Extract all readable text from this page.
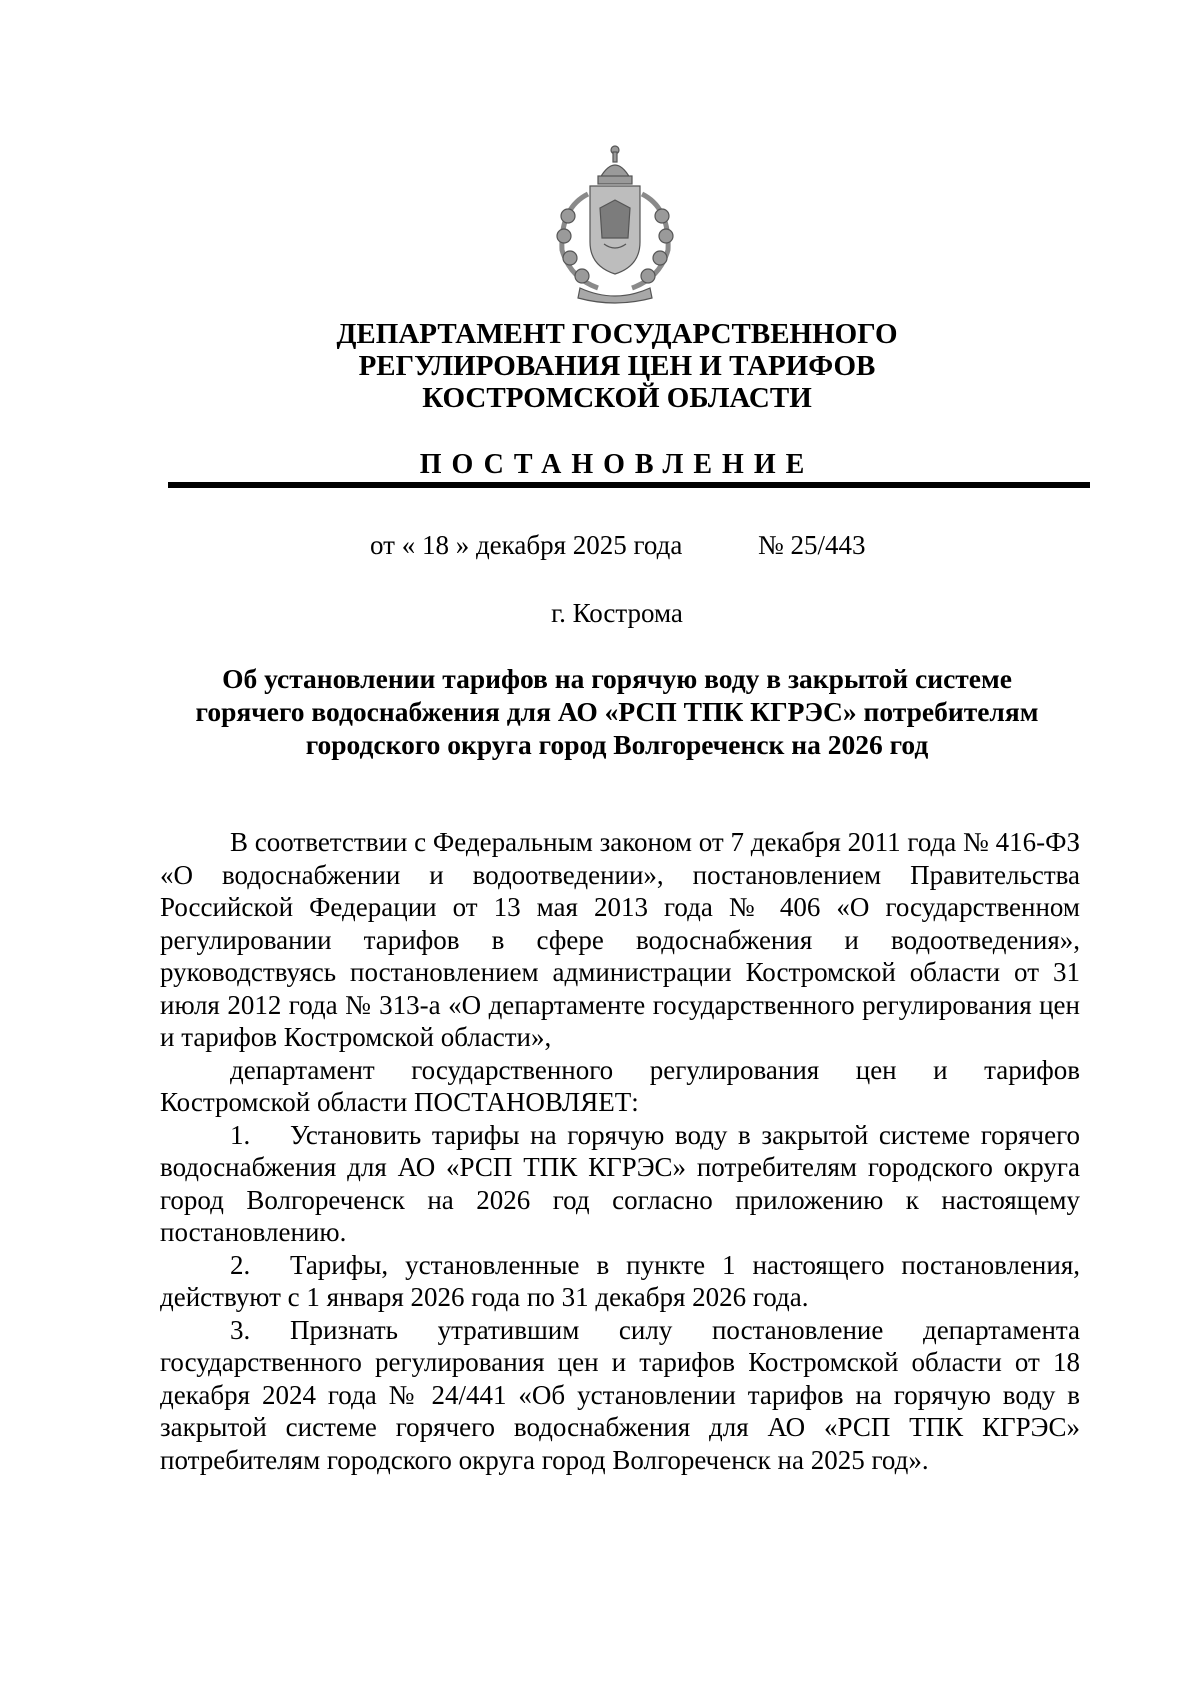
ДЕПАРТАМЕНТ ГОСУДАРСТВЕННОГО
РЕГУЛИРОВАНИЯ ЦЕН И ТАРИФОВ
КОСТРОМСКОЙ ОБЛАСТИ
ПОСТАНОВЛЕНИЕ
от « 18 » декабря 2025 года	№ 25/443
г. Кострома
Об установлении тарифов на горячую воду в закрытой системе
горячего водоснабжения для АО «РСП ТПК КГРЭС» потребителям
городского округа город Волгореченск на 2026 год

В соответствии с Федеральным законом от 7 декабря 2011 года № 416-ФЗ «О водоснабжении и водоотведении», постановлением Правительства Российской Федерации от 13 мая 2013 года № 406 «О государственном регулировании тарифов в сфере водоснабжения и водоотведения», руководствуясь постановлением администрации Костромской области от 31 июля 2012 года № 313-а «О департаменте государственного регулирования цен и тарифов Костромской области»,

департамент государственного регулирования цен и тарифов Костромской области ПОСТАНОВЛЯЕТ:

1. Установить тарифы на горячую воду в закрытой системе горячего водоснабжения для АО «РСП ТПК КГРЭС» потребителям городского округа город Волгореченск на 2026 год согласно приложению к настоящему постановлению.

2. Тарифы, установленные в пункте 1 настоящего постановления, действуют с 1 января 2026 года по 31 декабря 2026 года.

3. Признать утратившим силу постановление департамента государственного регулирования цен и тарифов Костромской области от 18 декабря 2024 года № 24/441 «Об установлении тарифов на горячую воду в закрытой системе горячего водоснабжения для АО «РСП ТПК КГРЭС» потребителям городского округа город Волгореченск на 2025 год».
